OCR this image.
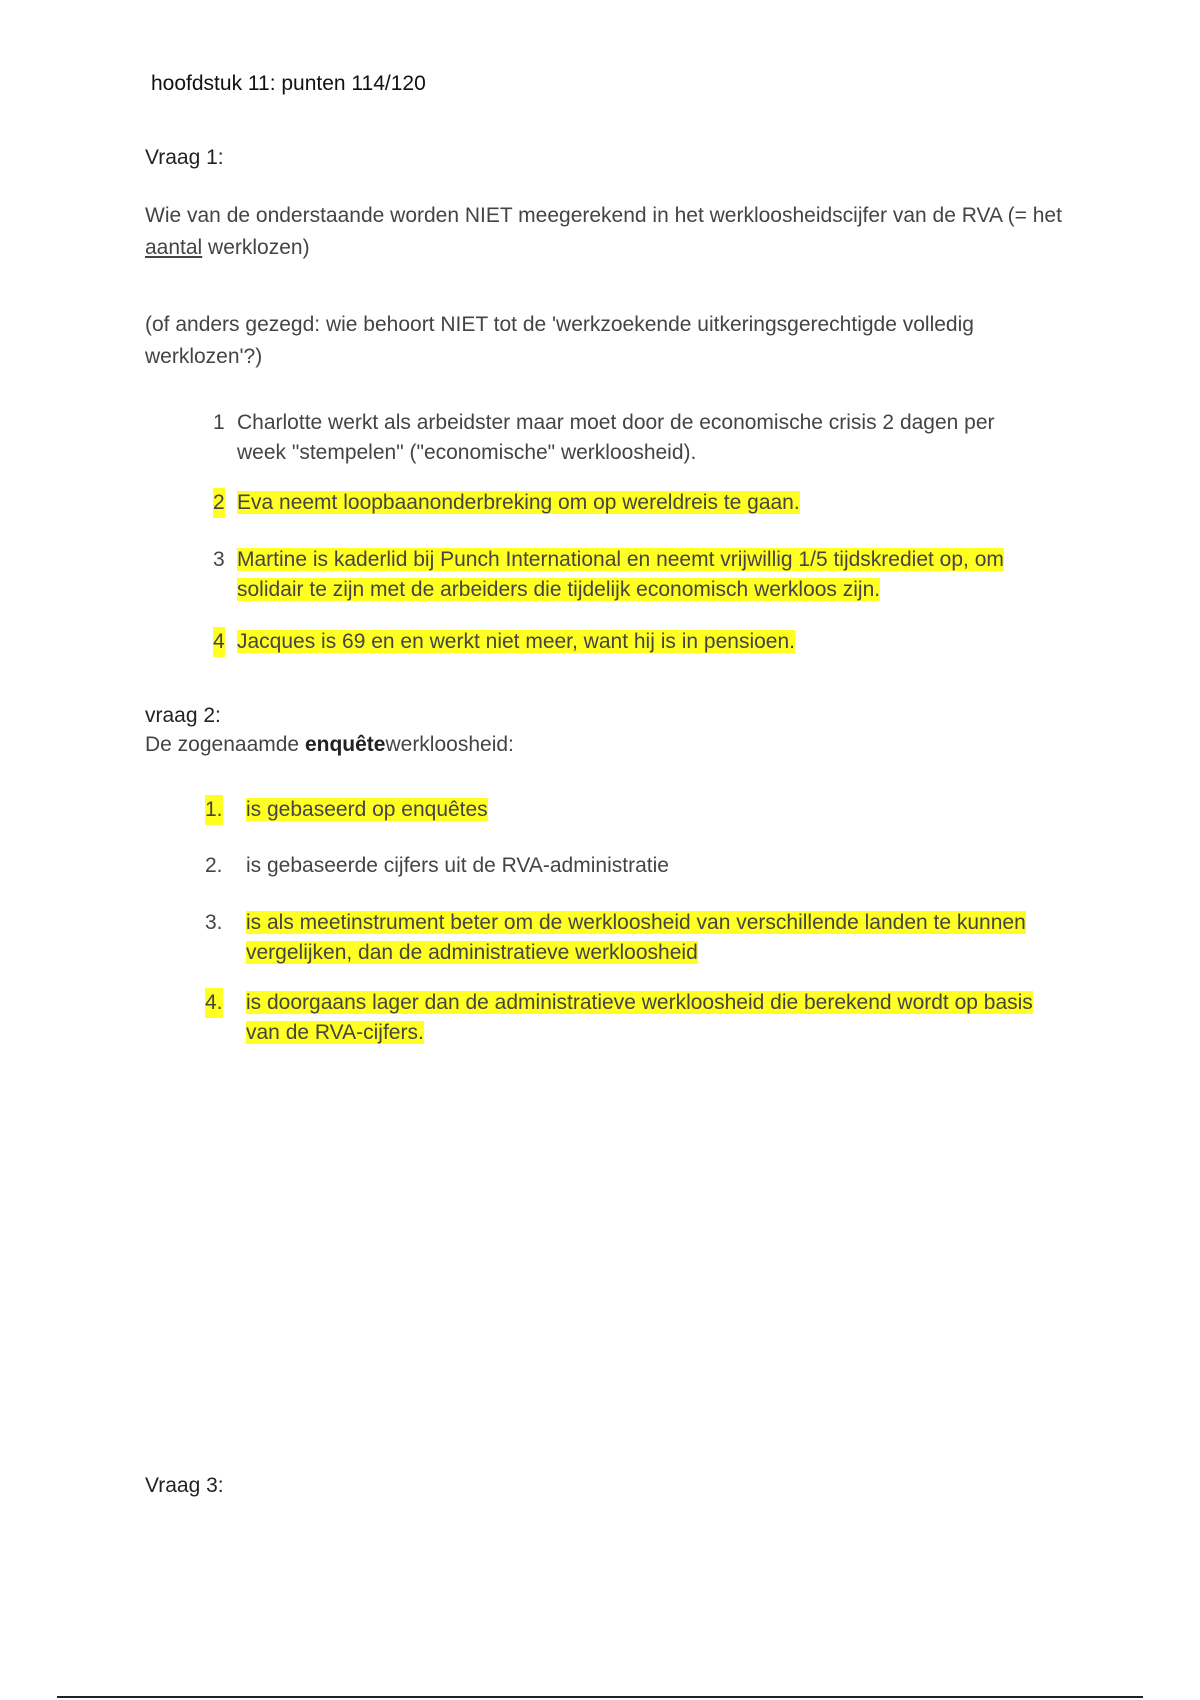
hoofdstuk 11: punten 114/120
Vraag 1:
Wie van de onderstaande worden NIET meegerekend in het werkloosheidscijfer van de RVA (= het aantal werklozen)
(of anders gezegd: wie behoort NIET tot de 'werkzoekende uitkeringsgerechtigde volledig werklozen'?)
1 Charlotte werkt als arbeidster maar moet door de economische crisis 2 dagen per week "stempelen" ("economische" werkloosheid).
2 Eva neemt loopbaanonderbreking om op wereldreis te gaan.
3 Martine is kaderlid bij Punch International en neemt vrijwillig 1/5 tijdskrediet op, om solidair te zijn met de arbeiders die tijdelijk economisch werkloos zijn.
4 Jacques is 69 en en werkt niet meer, want hij is in pensioen.
vraag 2:
De zogenaamde enquêtewerkloosheid:
1. is gebaseerd op enquêtes
2. is gebaseerde cijfers uit de RVA-administratie
3. is als meetinstrument beter om de werkloosheid van verschillende landen te kunnen vergelijken, dan de administratieve werkloosheid
4. is doorgaans lager dan de administratieve werkloosheid die berekend wordt op basis van de RVA-cijfers.
Vraag 3:
